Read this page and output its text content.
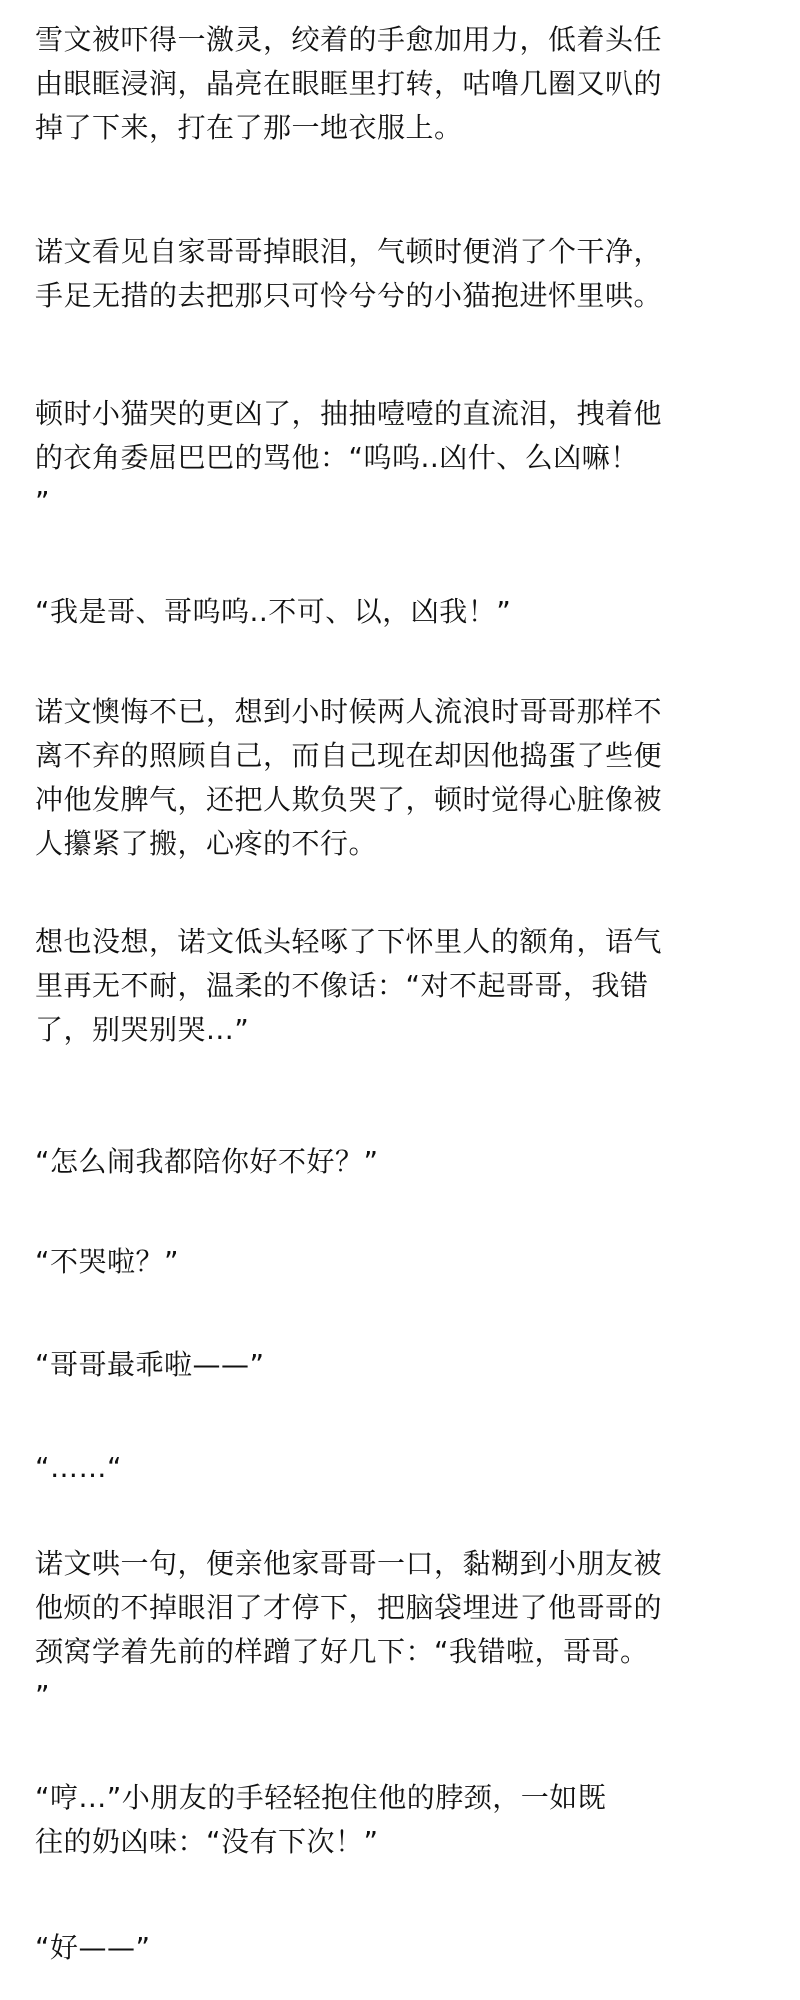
雪文被吓得一激灵，绞着的手愈加用力，低着头任
由眼眶浸润，晶亮在眼眶里打转，咕噜几圈又叭的
掉了下来，打在了那一地衣服上。
诺文看见自家哥哥掉眼泪，气顿时便消了个干净，
手足无措的去把那只可怜兮兮的小猫抱进怀里哄。
顿时小猫哭的更凶了，抽抽噎噎的直流泪，拽着他
的衣角委屈巴巴的骂他：“呜呜..凶什、么凶嘛！
”
“我是哥、哥呜呜..不可、以，凶我！”
诺文懊悔不已，想到小时候两人流浪时哥哥那样不
离不弃的照顾自己，而自己现在却因他捣蛋了些便
冲他发脾气，还把人欺负哭了，顿时觉得心脏像被
人攥紧了搬，心疼的不行。
想也没想，诺文低头轻啄了下怀里人的额角，语气
里再无不耐，温柔的不像话：“对不起哥哥，我错
了，别哭别哭...”
“怎么闹我都陪你好不好？”
“不哭啦？”
“哥哥最乖啦——”
“……“
诺文哄一句，便亲他家哥哥一口，黏糊到小朋友被
他烦的不掉眼泪了才停下，把脑袋埋进了他哥哥的
颈窝学着先前的样蹭了好几下：“我错啦，哥哥。
”
“哼...”小朋友的手轻轻抱住他的脖颈，一如既
往的奶凶味：“没有下次！”
“好——”
